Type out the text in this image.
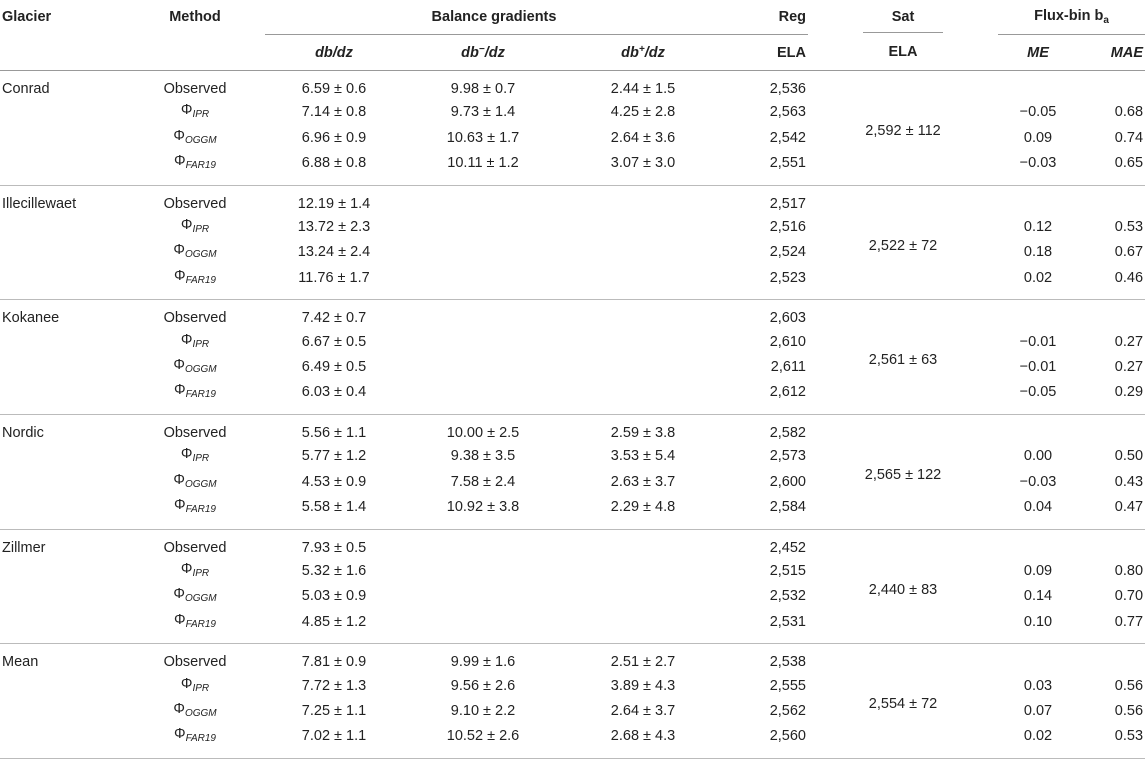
Glacier	Method	Balance gradients			Reg	Sat	Flux-bin $b_a$
		db/dz	db−/dz	db+/dz	ELA	ELA	ME	MAE
Conrad	Observed	6.59 ± 0.6	9.98 ± 0.7	2.44 ± 1.5	2,536	2,592 ± 112		
	$\Phi_{IPR}$	7.14 ± 0.8	9.73 ± 1.4	4.25 ± 2.8	2,563		−0.05	0.68
	$\Phi_{OGGM}$	6.96 ± 0.9	10.63 ± 1.7	2.64 ± 3.6	2,542		0.09	0.74
	$\Phi_{FAR19}$	6.88 ± 0.8	10.11 ± 1.2	3.07 ± 3.0	2,551		−0.03	0.65
Illecillewaet	Observed	12.19 ± 1.4			2,517	2,522 ± 72		
	$\Phi_{IPR}$	13.72 ± 2.3			2,516		0.12	0.53
	$\Phi_{OGGM}$	13.24 ± 2.4			2,524		0.18	0.67
	$\Phi_{FAR19}$	11.76 ± 1.7			2,523		0.02	0.46
Kokanee	Observed	7.42 ± 0.7			2,603	2,561 ± 63		
	$\Phi_{IPR}$	6.67 ± 0.5			2,610		−0.01	0.27
	$\Phi_{OGGM}$	6.49 ± 0.5			2,611		−0.01	0.27
	$\Phi_{FAR19}$	6.03 ± 0.4			2,612		−0.05	0.29
Nordic	Observed	5.56 ± 1.1	10.00 ± 2.5	2.59 ± 3.8	2,582	2,565 ± 122		
	$\Phi_{IPR}$	5.77 ± 1.2	9.38 ± 3.5	3.53 ± 5.4	2,573		0.00	0.50
	$\Phi_{OGGM}$	4.53 ± 0.9	7.58 ± 2.4	2.63 ± 3.7	2,600		−0.03	0.43
	$\Phi_{FAR19}$	5.58 ± 1.4	10.92 ± 3.8	2.29 ± 4.8	2,584		0.04	0.47
Zillmer	Observed	7.93 ± 0.5			2,452	2,440 ± 83		
	$\Phi_{IPR}$	5.32 ± 1.6			2,515		0.09	0.80
	$\Phi_{OGGM}$	5.03 ± 0.9			2,532		0.14	0.70
	$\Phi_{FAR19}$	4.85 ± 1.2			2,531		0.10	0.77
Mean	Observed	7.81 ± 0.9	9.99 ± 1.6	2.51 ± 2.7	2,538	2,554 ± 72		
	$\Phi_{IPR}$	7.72 ± 1.3	9.56 ± 2.6	3.89 ± 4.3	2,555		0.03	0.56
	$\Phi_{OGGM}$	7.25 ± 1.1	9.10 ± 2.2	2.64 ± 3.7	2,562		0.07	0.56
	$\Phi_{FAR19}$	7.02 ± 1.1	10.52 ± 2.6	2.68 ± 4.3	2,560		0.02	0.53
